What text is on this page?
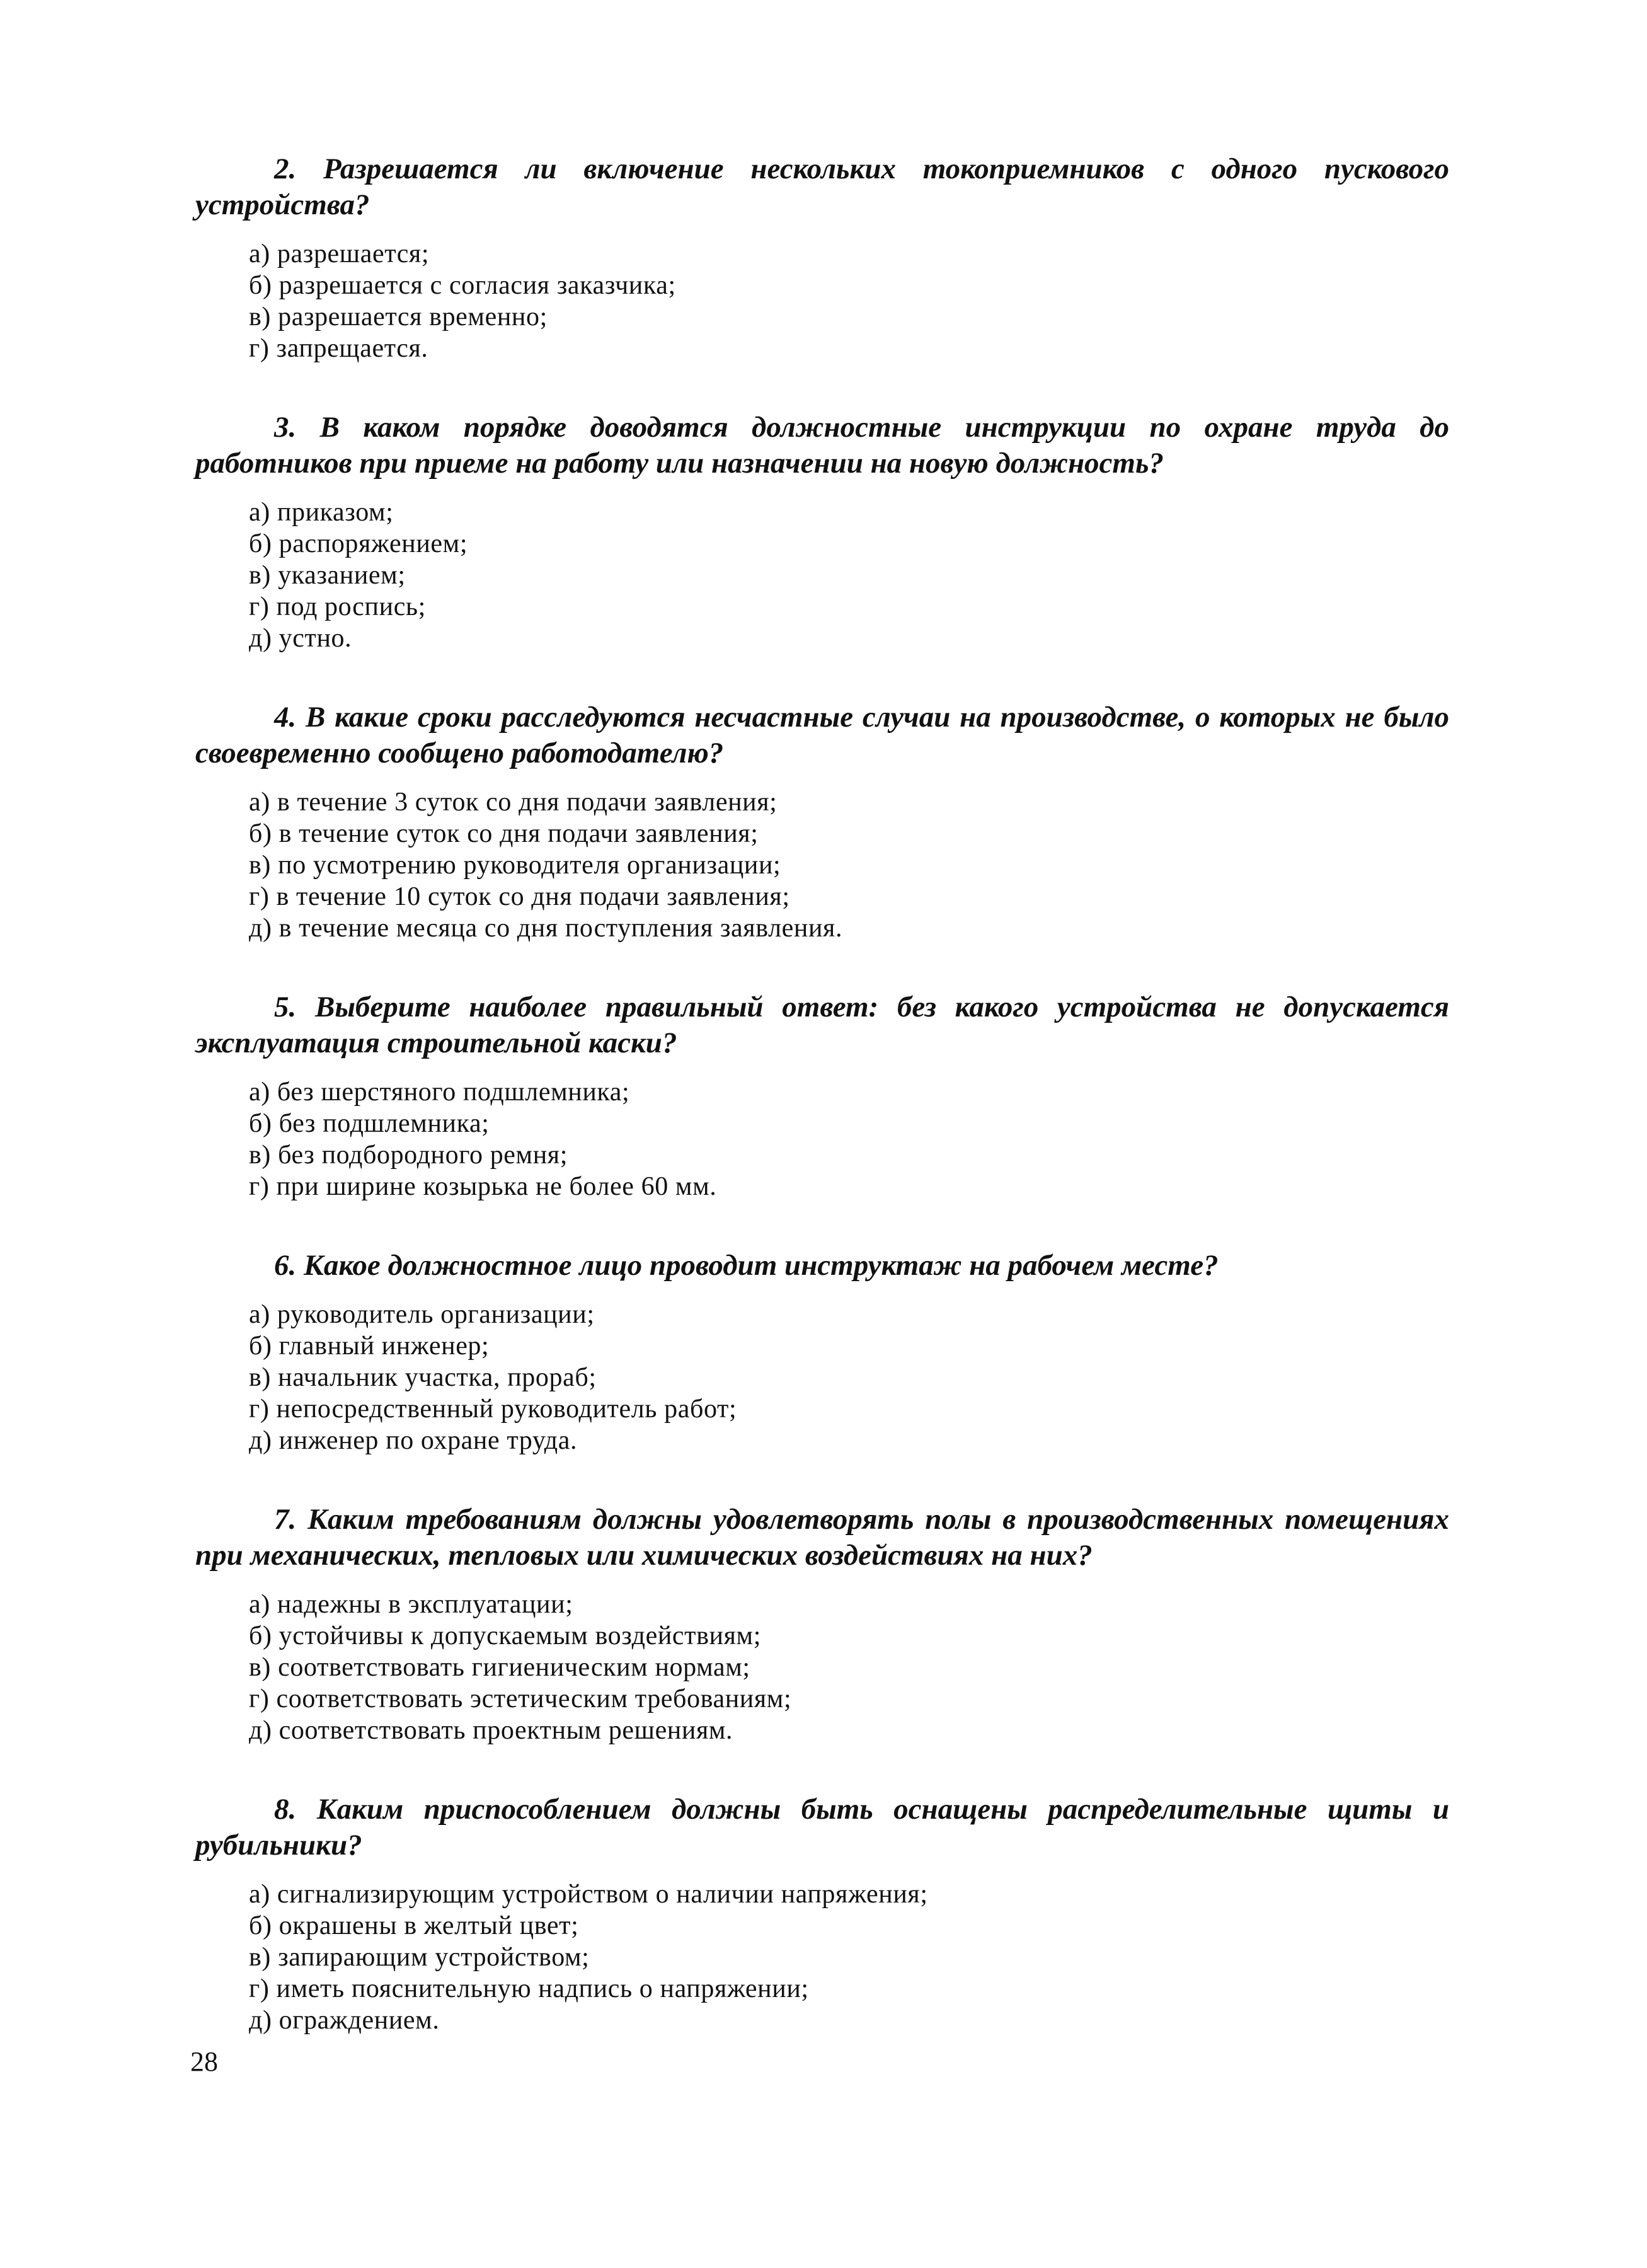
2. Разрешается ли включение нескольких токоприемников с одного пускового устройства?

а) разрешается;
б) разрешается с согласия заказчика;
в) разрешается временно;
г) запрещается.

3. В каком порядке доводятся должностные инструкции по охране труда до работников при приеме на работу или назначении на новую должность?

а) приказом;
б) распоряжением;
в) указанием;
г) под роспись;
д) устно.

4. В какие сроки расследуются несчастные случаи на производстве, о которых не было своевременно сообщено работодателю?

а) в течение 3 суток со дня подачи заявления;
б) в течение суток со дня подачи заявления;
в) по усмотрению руководителя организации;
г) в течение 10 суток со дня подачи заявления;
д) в течение месяца со дня поступления заявления.

5. Выберите наиболее правильный ответ: без какого устройства не допускается эксплуатация строительной каски?

а) без шерстяного подшлемника;
б) без подшлемника;
в) без подбородного ремня;
г) при ширине козырька не более 60 мм.

6. Какое должностное лицо проводит инструктаж на рабочем месте?

а) руководитель организации;
б) главный инженер;
в) начальник участка, прораб;
г) непосредственный руководитель работ;
д) инженер по охране труда.

7. Каким требованиям должны удовлетворять полы в производственных помещениях при механических, тепловых или химических воздействиях на них?

а) надежны в эксплуатации;
б) устойчивы к допускаемым воздействиям;
в) соответствовать гигиеническим нормам;
г) соответствовать эстетическим требованиям;
д) соответствовать проектным решениям.

8. Каким приспособлением должны быть оснащены распределительные щиты и рубильники?

а) сигнализирующим устройством о наличии напряжения;
б) окрашены в желтый цвет;
в) запирающим устройством;
г) иметь пояснительную надпись о напряжении;
д) ограждением.
28
